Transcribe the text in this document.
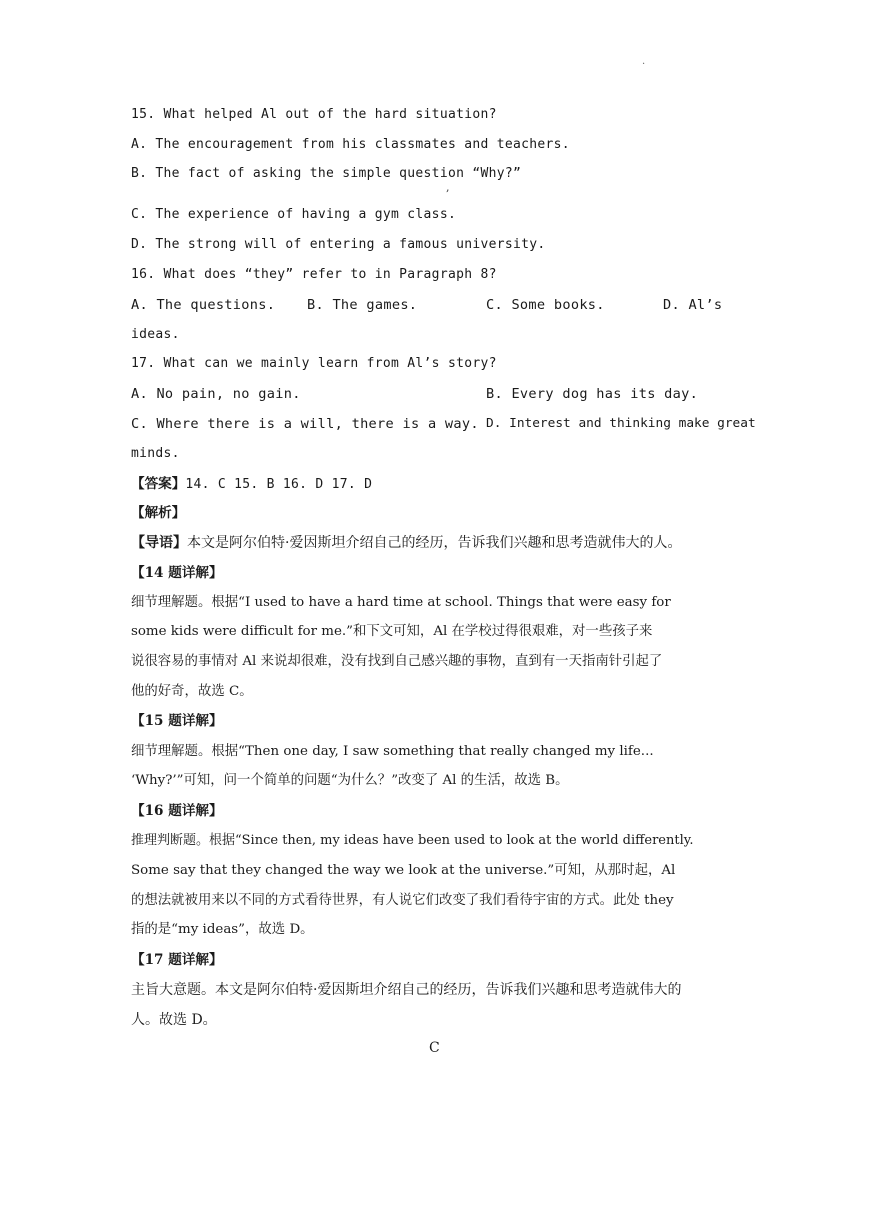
.
15. What helped Al out of the hard situation?
A. The encouragement from his classmates and teachers.
B. The fact of asking the simple question “Why?”
,
C. The experience of having a gym class.
D. The strong will of entering a famous university.
16. What does “they” refer to in Paragraph 8?
A. The questions. B. The games.	C. Some books.	D. Al’s
ideas.
17. What can we mainly learn from Al’s story?
A. No pain, no gain.	B. Every dog has its day.
C. Where there is a will, there is a way. D. Interest and thinking make great
minds.
【答案】14. C 15. B 16. D 17. D
【解析】
【导语】本文是阿尔伯特·爱因斯坦介绍自己的经历，告诉我们兴趣和思考造就伟大的人。
【14 题详解】
细节理解题。根据“I used to have a hard time at school. Things that were easy for
some kids were difficult for me.”和下文可知，Al 在学校过得很艰难，对一些孩子来
说很容易的事情对 Al 来说却很难，没有找到自己感兴趣的事物，直到有一天指南针引起了
他的好奇，故选 C。
【15 题详解】
细节理解题。根据“Then one day, I saw something that really changed my life...
‘Why?’”可知，问一个简单的问题“为什么？”改变了 Al 的生活，故选 B。
【16 题详解】
推理判断题。根据“Since then, my ideas have been used to look at the world differently.
Some say that they changed the way we look at the universe.”可知，从那时起，Al
的想法就被用来以不同的方式看待世界，有人说它们改变了我们看待宇宙的方式。此处 they
指的是“my ideas”，故选 D。
【17 题详解】
主旨大意题。本文是阿尔伯特·爱因斯坦介绍自己的经历，告诉我们兴趣和思考造就伟大的
人。故选 D。
C
